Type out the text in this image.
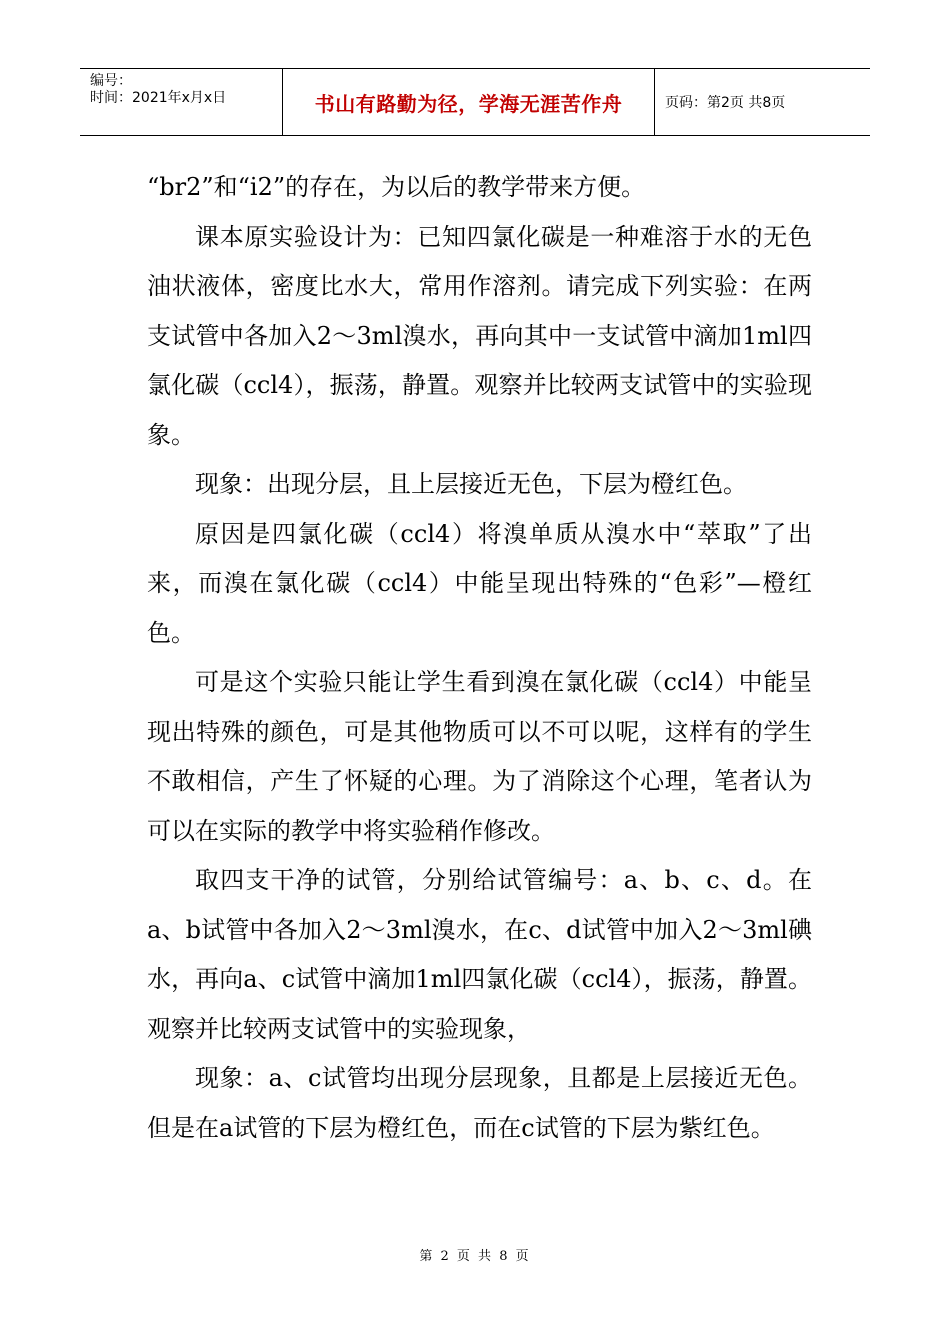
编号：
时间：2021年x月x日	书山有路勤为径，学海无涯苦作舟	页码：第2页 共8页

“br2”和“i2”的存在，为以后的教学带来方便。

课本原实验设计为：已知四氯化碳是一种难溶于水的无色油状液体，密度比水大，常用作溶剂。请完成下列实验：在两支试管中各加入2～3ml溴水，再向其中一支试管中滴加1ml四氯化碳（ccl4），振荡，静置。观察并比较两支试管中的实验现象。

现象：出现分层，且上层接近无色，下层为橙红色。

原因是四氯化碳（ccl4）将溴单质从溴水中“萃取”了出来，而溴在氯化碳（ccl4）中能呈现出特殊的“色彩”—橙红色。

可是这个实验只能让学生看到溴在氯化碳（ccl4）中能呈现出特殊的颜色，可是其他物质可以不可以呢，这样有的学生不敢相信，产生了怀疑的心理。为了消除这个心理，笔者认为可以在实际的教学中将实验稍作修改。

取四支干净的试管，分别给试管编号：a、b、c、d。在a、b试管中各加入2～3ml溴水，在c、d试管中加入2～3ml碘水，再向a、c试管中滴加1ml四氯化碳（ccl4），振荡，静置。观察并比较两支试管中的实验现象，

现象：a、c试管均出现分层现象，且都是上层接近无色。但是在a试管的下层为橙红色，而在c试管的下层为紫红色。

第 2 页 共 8 页
